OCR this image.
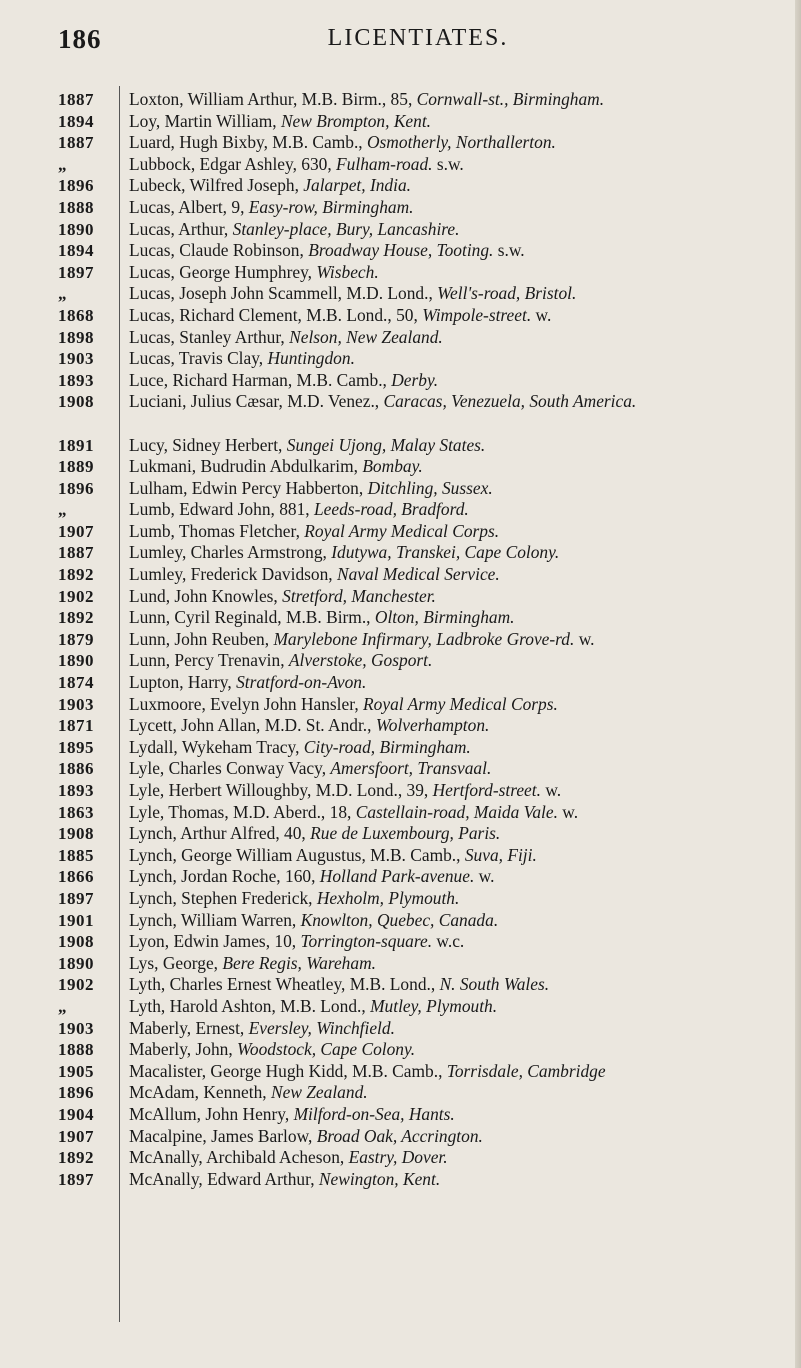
186	LICENTIATES.
1887	Loxton, William Arthur, M.B. Birm., 85, Cornwall-st., Birmingham.
1894	Loy, Martin William, New Brompton, Kent.
1887	Luard, Hugh Bixby, M.B. Camb., Osmotherly, Northallerton.
„	Lubbock, Edgar Ashley, 630, Fulham-road. s.w.
1896	Lubeck, Wilfred Joseph, Jalarpet, India.
1888	Lucas, Albert, 9, Easy-row, Birmingham.
1890	Lucas, Arthur, Stanley-place, Bury, Lancashire.
1894	Lucas, Claude Robinson, Broadway House, Tooting. s.w.
1897	Lucas, George Humphrey, Wisbech.
„	Lucas, Joseph John Scammell, M.D. Lond., Well's-road, Bristol.
1868	Lucas, Richard Clement, M.B. Lond., 50, Wimpole-street. w.
1898	Lucas, Stanley Arthur, Nelson, New Zealand.
1903	Lucas, Travis Clay, Huntingdon.
1893	Luce, Richard Harman, M.B. Camb., Derby.
1908	Luciani, Julius Cæsar, M.D. Venez., Caracas, Venezuela, South America.
1891	Lucy, Sidney Herbert, Sungei Ujong, Malay States.
1889	Lukmani, Budrudin Abdulkarim, Bombay.
1896	Lulham, Edwin Percy Habberton, Ditchling, Sussex.
„	Lumb, Edward John, 881, Leeds-road, Bradford.
1907	Lumb, Thomas Fletcher, Royal Army Medical Corps.
1887	Lumley, Charles Armstrong, Idutywa, Transkei, Cape Colony.
1892	Lumley, Frederick Davidson, Naval Medical Service.
1902	Lund, John Knowles, Stretford, Manchester.
1892	Lunn, Cyril Reginald, M.B. Birm., Olton, Birmingham.
1879	Lunn, John Reuben, Marylebone Infirmary, Ladbroke Grove-rd. w.
1890	Lunn, Percy Trenavin, Alverstoke, Gosport.
1874	Lupton, Harry, Stratford-on-Avon.
1903	Luxmoore, Evelyn John Hansler, Royal Army Medical Corps.
1871	Lycett, John Allan, M.D. St. Andr., Wolverhampton.
1895	Lydall, Wykeham Tracy, City-road, Birmingham.
1886	Lyle, Charles Conway Vacy, Amersfoort, Transvaal.
1893	Lyle, Herbert Willoughby, M.D. Lond., 39, Hertford-street. w.
1863	Lyle, Thomas, M.D. Aberd., 18, Castellain-road, Maida Vale. w.
1908	Lynch, Arthur Alfred, 40, Rue de Luxembourg, Paris.
1885	Lynch, George William Augustus, M.B. Camb., Suva, Fiji.
1866	Lynch, Jordan Roche, 160, Holland Park-avenue. w.
1897	Lynch, Stephen Frederick, Hexholm, Plymouth.
1901	Lynch, William Warren, Knowlton, Quebec, Canada.
1908	Lyon, Edwin James, 10, Torrington-square. w.c.
1890	Lys, George, Bere Regis, Wareham.
1902	Lyth, Charles Ernest Wheatley, M.B. Lond., N. South Wales.
„	Lyth, Harold Ashton, M.B. Lond., Mutley, Plymouth.
1903	Maberly, Ernest, Eversley, Winchfield.
1888	Maberly, John, Woodstock, Cape Colony.
1905	Macalister, George Hugh Kidd, M.B. Camb., Torrisdale, Cambridge
1896	McAdam, Kenneth, New Zealand.
1904	McAllum, John Henry, Milford-on-Sea, Hants.
1907	Macalpine, James Barlow, Broad Oak, Accrington.
1892	McAnally, Archibald Acheson, Eastry, Dover.
1897	McAnally, Edward Arthur, Newington, Kent.
